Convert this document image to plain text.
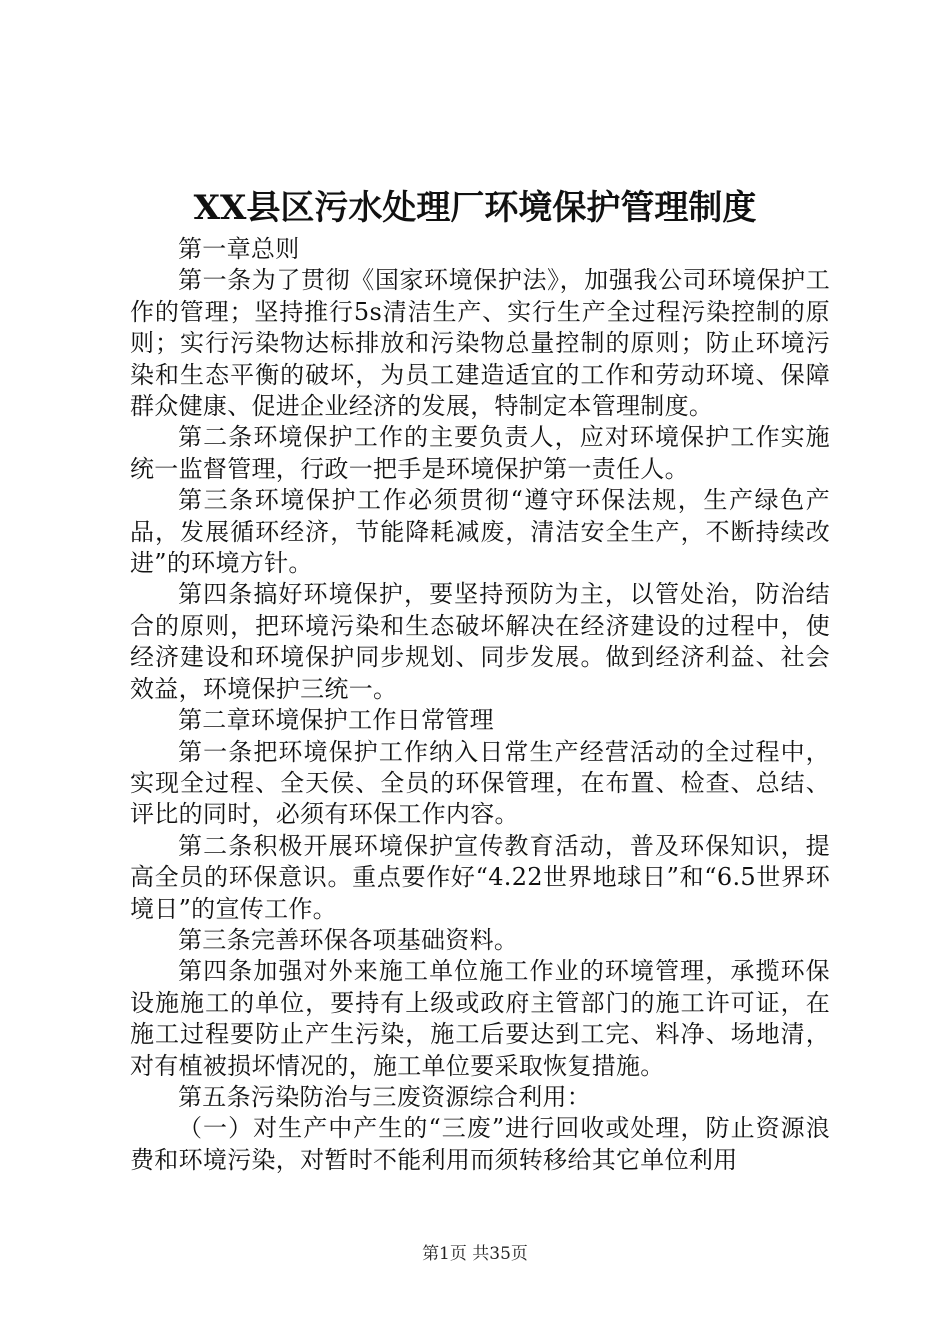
XX县区污水处理厂环境保护管理制度

第一章总则

第一条为了贯彻《国家环境保护法》，加强我公司环境保护工作的管理；坚持推行5s清洁生产、实行生产全过程污染控制的原则；实行污染物达标排放和污染物总量控制的原则；防止环境污染和生态平衡的破坏，为员工建造适宜的工作和劳动环境、保障群众健康、促进企业经济的发展，特制定本管理制度。

第二条环境保护工作的主要负责人，应对环境保护工作实施统一监督管理，行政一把手是环境保护第一责任人。

第三条环境保护工作必须贯彻“遵守环保法规，生产绿色产品，发展循环经济，节能降耗减废，清洁安全生产，不断持续改进”的环境方针。

第四条搞好环境保护，要坚持预防为主，以管处治，防治结合的原则，把环境污染和生态破坏解决在经济建设的过程中，使经济建设和环境保护同步规划、同步发展。做到经济利益、社会效益，环境保护三统一。

第二章环境保护工作日常管理

第一条把环境保护工作纳入日常生产经营活动的全过程中，实现全过程、全天侯、全员的环保管理，在布置、检查、总结、评比的同时，必须有环保工作内容。

第二条积极开展环境保护宣传教育活动，普及环保知识，提高全员的环保意识。重点要作好“4.22世界地球日”和“6.5世界环境日”的宣传工作。

第三条完善环保各项基础资料。

第四条加强对外来施工单位施工作业的环境管理，承揽环保设施施工的单位，要持有上级或政府主管部门的施工许可证，在施工过程要防止产生污染，施工后要达到工完、料净、场地清，对有植被损坏情况的，施工单位要采取恢复措施。

第五条污染防治与三废资源综合利用：

（一）对生产中产生的“三废”进行回收或处理，防止资源浪费和环境污染，对暂时不能利用而须转移给其它单位利用

第1页 共35页
